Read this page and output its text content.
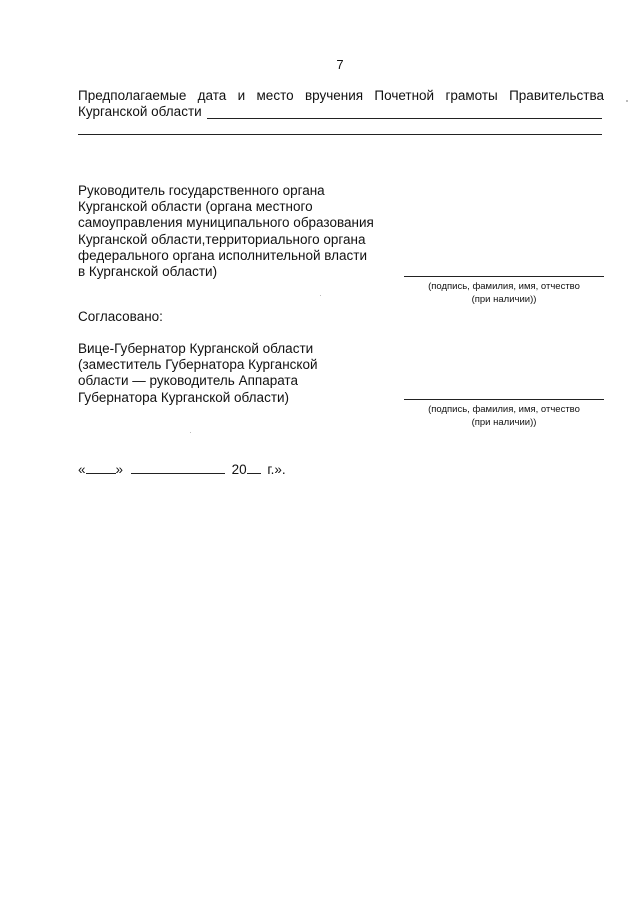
7
Предполагаемые дата и место вручения Почетной грамоты Правительства
Курганской области
Руководитель государственного органа
Курганской области (органа местного
самоуправления муниципального образования
Курганской области,территориального органа
федерального органа исполнительной власти
в Курганской области)
(подпись, фамилия, имя, отчество
(при наличии))
Согласовано:
Вице-Губернатор Курганской области
(заместитель Губернатора Курганской
области — руководитель Аппарата
Губернатора Курганской области)
(подпись, фамилия, имя, отчество
(при наличии))
« »	20 г.».
